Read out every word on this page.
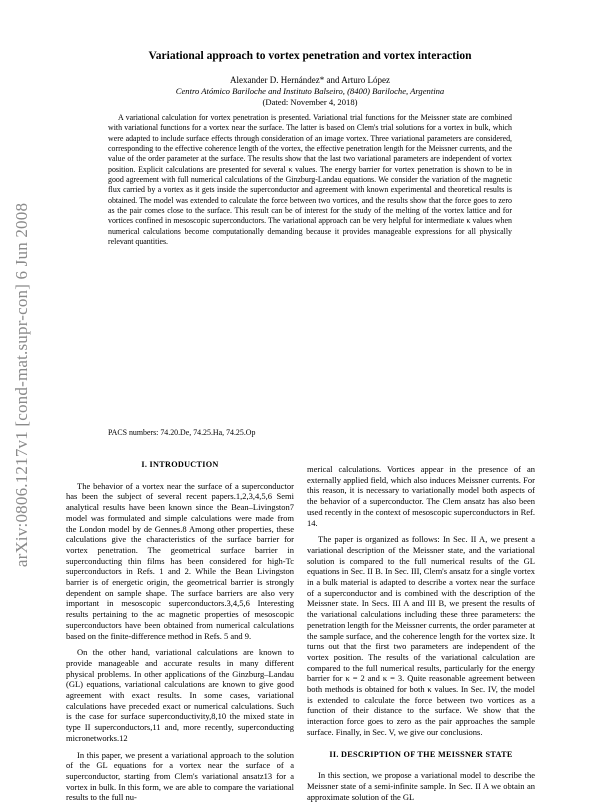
arXiv:0806.1217v1 [cond-mat.supr-con] 6 Jun 2008
Variational approach to vortex penetration and vortex interaction
Alexander D. Hernández* and Arturo López
Centro Atómico Bariloche and Instituto Balseiro, (8400) Bariloche, Argentina
(Dated: November 4, 2018)

A variational calculation for vortex penetration is presented. Variational trial functions for the Meissner state are combined with variational functions for a vortex near the surface. The latter is based on Clem's trial solutions for a vortex in bulk, which were adapted to include surface effects through consideration of an image vortex. Three variational parameters are considered, corresponding to the effective coherence length of the vortex, the effective penetration length for the Meissner currents, and the value of the order parameter at the surface. The results show that the last two variational parameters are independent of vortex position. Explicit calculations are presented for several κ values. The energy barrier for vortex penetration is shown to be in good agreement with full numerical calculations of the Ginzburg-Landau equations. We consider the variation of the magnetic flux carried by a vortex as it gets inside the superconductor and agreement with known experimental and theoretical results is obtained. The model was extended to calculate the force between two vortices, and the results show that the force goes to zero as the pair comes close to the surface. This result can be of interest for the study of the melting of the vortex lattice and for vortices confined in mesoscopic superconductors. The variational approach can be very helpful for intermediate κ values when numerical calculations become computationally demanding because it provides manageable expressions for all physically relevant quantities.

PACS numbers: 74.20.De, 74.25.Ha, 74.25.Op

I. INTRODUCTION

The behavior of a vortex near the surface of a superconductor has been the subject of several recent papers.1,2,3,4,5,6 Semi analytical results have been known since the Bean–Livingston7 model was formulated and simple calculations were made from the London model by de Gennes.8 Among other properties, these calculations give the characteristics of the surface barrier for vortex penetration. The geometrical surface barrier in superconducting thin films has been considered for high-Tc superconductors in Refs. 1 and 2. While the Bean Livingston barrier is of energetic origin, the geometrical barrier is strongly dependent on sample shape. The surface barriers are also very important in mesoscopic superconductors.3,4,5,6 Interesting results pertaining to the ac magnetic properties of mesoscopic superconductors have been obtained from numerical calculations based on the finite-difference method in Refs. 5 and 9.

On the other hand, variational calculations are known to provide manageable and accurate results in many different physical problems. In other applications of the Ginzburg–Landau (GL) equations, variational calculations are known to give good agreement with exact results. In some cases, variational calculations have preceded exact or numerical calculations. Such is the case for surface superconductivity,8,10 the mixed state in type II superconductors,11 and, more recently, superconducting micronetworks.12

In this paper, we present a variational approach to the solution of the GL equations for a vortex near the surface of a superconductor, starting from Clem's variational ansatz13 for a vortex in bulk. In this form, we are able to compare the variational results to the full nu-

merical calculations. Vortices appear in the presence of an externally applied field, which also induces Meissner currents. For this reason, it is necessary to variationally model both aspects of the behavior of a superconductor. The Clem ansatz has also been used recently in the context of mesoscopic superconductors in Ref. 14.

The paper is organized as follows: In Sec. II A, we present a variational description of the Meissner state, and the variational solution is compared to the full numerical results of the GL equations in Sec. II B. In Sec. III, Clem's ansatz for a single vortex in a bulk material is adapted to describe a vortex near the surface of a superconductor and is combined with the description of the Meissner state. In Secs. III A and III B, we present the results of the variational calculations including these three parameters: the penetration length for the Meissner currents, the order parameter at the sample surface, and the coherence length for the vortex size. It turns out that the first two parameters are independent of the vortex position. The results of the variational calculation are compared to the full numerical results, particularly for the energy barrier for κ = 2 and κ = 3. Quite reasonable agreement between both methods is obtained for both κ values. In Sec. IV, the model is extended to calculate the force between two vortices as a function of their distance to the surface. We show that the interaction force goes to zero as the pair approaches the sample surface. Finally, in Sec. V, we give our conclusions.

II. DESCRIPTION OF THE MEISSNER STATE

In this section, we propose a variational model to describe the Meissner state of a semi-infinite sample. In Sec. II A we obtain an approximate solution of the GL
